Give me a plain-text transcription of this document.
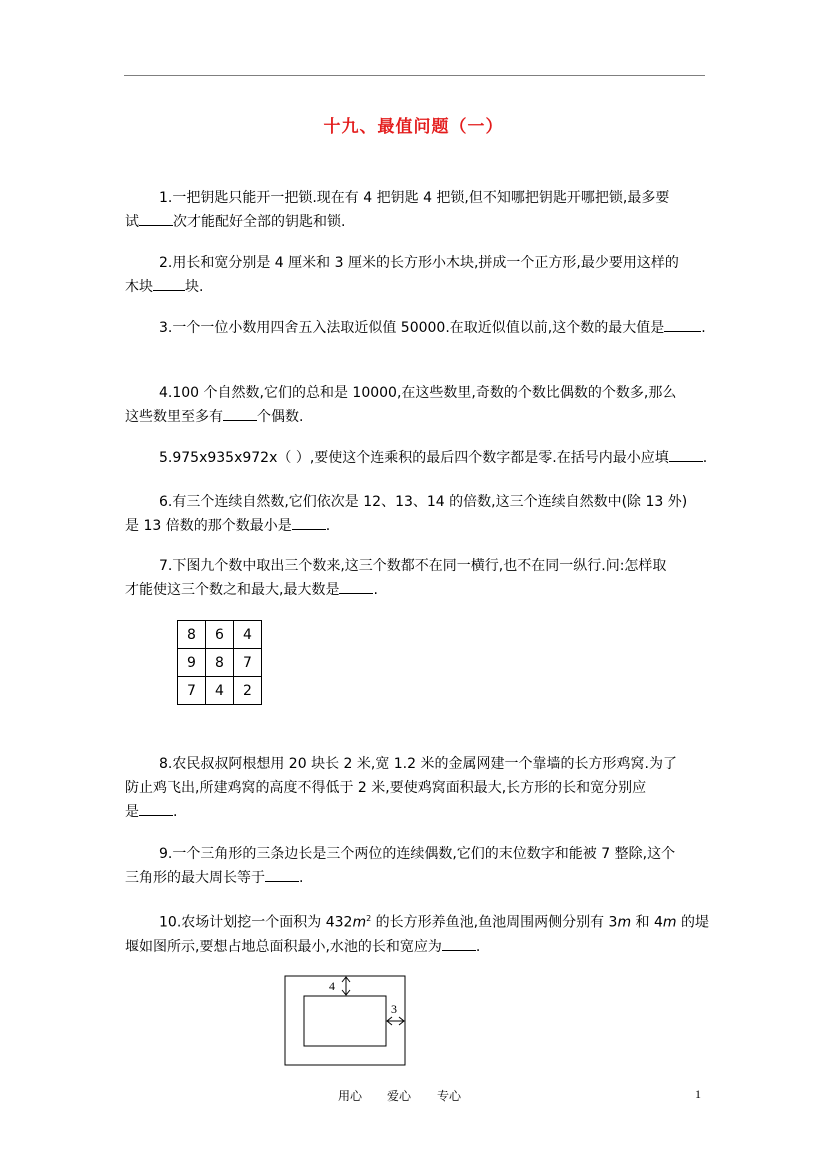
十九、最值问题（一）
1.一把钥匙只能开一把锁.现在有 4 把钥匙 4 把锁,但不知哪把钥匙开哪把锁,最多要
试 次才能配好全部的钥匙和锁.
2.用长和宽分别是 4 厘米和 3 厘米的长方形小木块,拼成一个正方形,最少要用这样的
木块 块.
3.一个一位小数用四舍五入法取近似值 50000.在取近似值以前,这个数的最大值是	.
4.100 个自然数,它们的总和是 10000,在这些数里,奇数的个数比偶数的个数多,那么
这些数里至多有 个偶数.
5.975x935x972x（ ）,要使这个连乘积的最后四个数字都是零.在括号内最小应填 .
6.有三个连续自然数,它们依次是 12、13、14 的倍数,这三个连续自然数中(除 13 外)
是 13 倍数的那个数最小是 .
7.下图九个数中取出三个数来,这三个数都不在同一横行,也不在同一纵行.问:怎样取
才能使这三个数之和最大,最大数是 .
8	6	4
9	8	7
7	4	2
8.农民叔叔阿根想用 20 块长 2 米,宽 1.2 米的金属网建一个靠墙的长方形鸡窝.为了
防止鸡飞出,所建鸡窝的高度不得低于 2 米,要使鸡窝面积最大,长方形的长和宽分别应
是 .
9.一个三角形的三条边长是三个两位的连续偶数,它们的末位数字和能被 7 整除,这个
三角形的最大周长等于 .
10.农场计划挖一个面积为 $432m^2$ 的长方形养鱼池,鱼池周围两侧分别有 3m 和 4m 的堤
堰如图所示,要想占地总面积最小,水池的长和宽应为 .
4
3
用心 爱心 专心	1
